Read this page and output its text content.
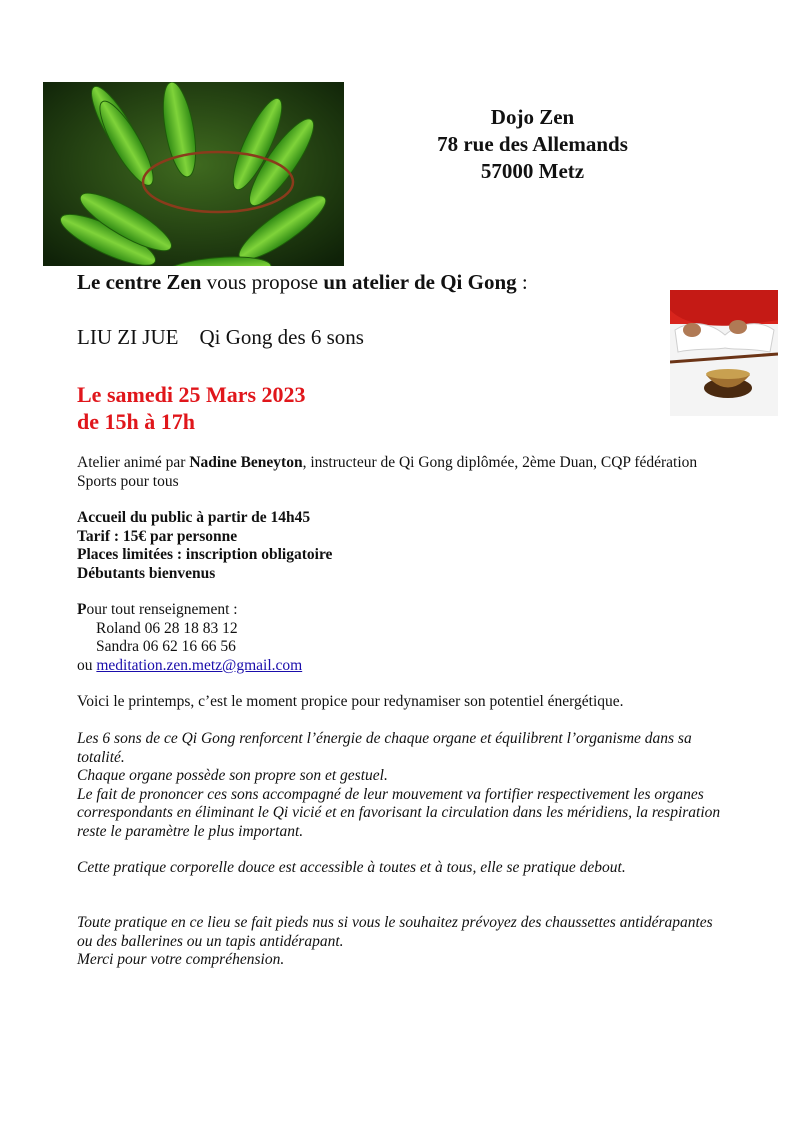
Dojo Zen
78 rue des Allemands
57000 Metz
Le centre Zen vous propose un atelier de Qi Gong :
LIU ZI JUE    Qi Gong des 6 sons
Le samedi 25 Mars 2023
de 15h à 17h
Atelier animé par Nadine Beneyton, instructeur de Qi Gong diplômée, 2ème Duan, CQP fédération Sports pour tous
Accueil du public à partir de 14h45
Tarif : 15€ par personne
Places limitées : inscription obligatoire
Débutants bienvenus
Pour tout renseignement :
Roland 06 28 18 83 12
Sandra 06 62 16 66 56
ou meditation.zen.metz@gmail.com
Voici le printemps, c’est le moment propice pour redynamiser son potentiel énergétique.

Les 6 sons de ce Qi Gong renforcent l’énergie de chaque organe et équilibrent l’organisme dans sa totalité.

Chaque organe possède son propre son et gestuel.

Le fait de prononcer ces sons accompagné de leur mouvement va fortifier respectivement les organes correspondants en éliminant le Qi vicié et en favorisant la circulation dans les méridiens, la respiration reste le paramètre le plus important.

Cette pratique corporelle douce est accessible à toutes et à tous, elle se pratique debout.

Toute pratique en ce lieu se fait pieds nus si vous le souhaitez prévoyez des chaussettes antidérapantes ou des ballerines ou un tapis antidérapant.

Merci pour votre compréhension.
